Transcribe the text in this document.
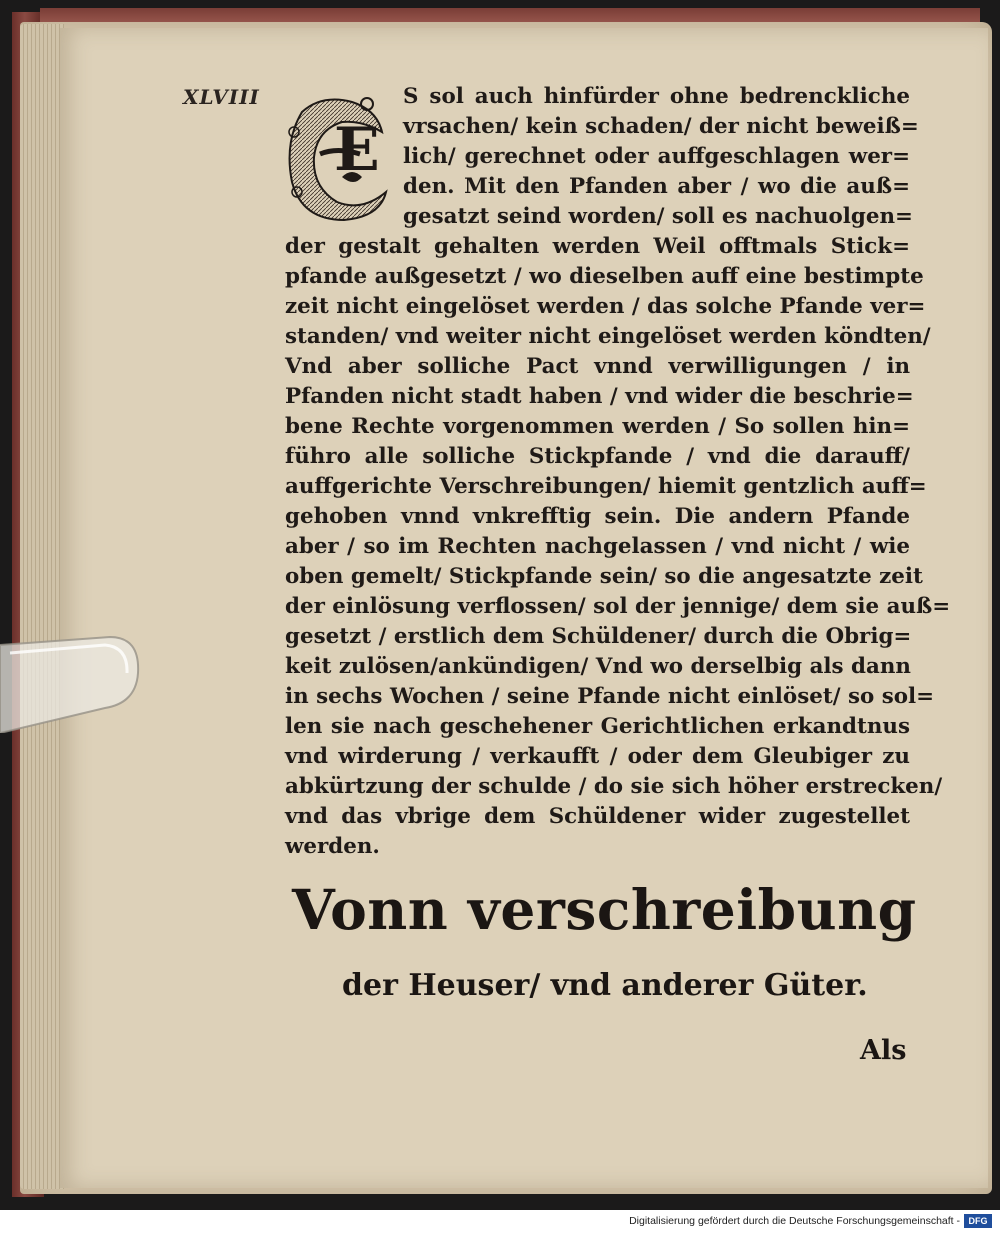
XLVIII
E
S sol auch hinfürder ohne bedrenckliche
vrsachen/ kein schaden/ der nicht beweiß=
lich/ gerechnet oder auffgeschlagen wer=
den. Mit den Pfanden aber / wo die auß=
gesatzt seind worden/ soll es nachuolgen=
der gestalt gehalten werden Weil offtmals Stick=
pfande außgesetzt / wo dieselben auff eine bestimpte
zeit nicht eingelöset werden / das solche Pfande ver=
standen/ vnd weiter nicht eingelöset werden köndten/
Vnd aber solliche Pact vnnd verwilligungen / in
Pfanden nicht stadt haben / vnd wider die beschrie=
bene Rechte vorgenommen werden / So sollen hin=
führo alle solliche Stickpfande / vnd die darauff/
auffgerichte Verschreibungen/ hiemit gentzlich auff=
gehoben vnnd vnkrefftig sein. Die andern Pfande
aber / so im Rechten nachgelassen / vnd nicht / wie
oben gemelt/ Stickpfande sein/ so die angesatzte zeit
der einlösung verflossen/ sol der jennige/ dem sie auß=
gesetzt / erstlich dem Schüldener/ durch die Obrig=
keit zulösen/ankündigen/ Vnd wo derselbig als dann
in sechs Wochen / seine Pfande nicht einlöset/ so sol=
len sie nach geschehener Gerichtlichen erkandtnus
vnd wirderung / verkaufft / oder dem Gleubiger zu
abkürtzung der schulde / do sie sich höher erstrecken/
vnd das vbrige dem Schüldener wider zugestellet
werden.
Vonn verschreibung
der Heuser/ vnd anderer Güter.
Als
Digitalisierung gefördert durch die Deutsche Forschungsgemeinschaft - DFG
